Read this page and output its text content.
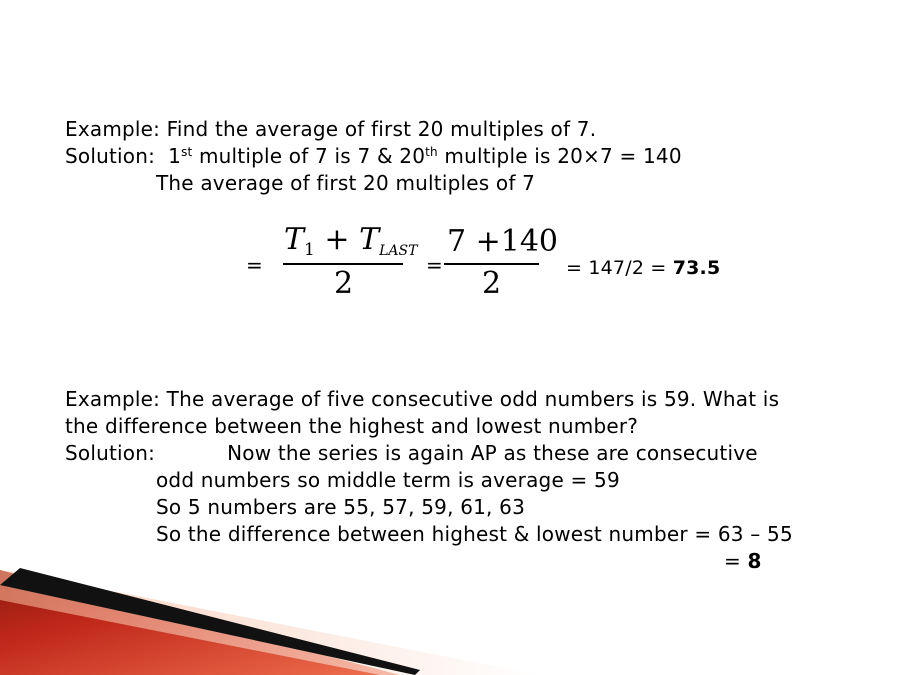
Example: Find the average of first 20 multiples of 7.
Solution:  1st multiple of 7 is 7 & 20th multiple is 20×7 = 140
The average of first 20 multiples of 7
=
$T_1 + T_{LAST}$
2
=
7 +140
2	= 147/2 = 73.5
Example: The average of five consecutive odd numbers is 59. What is
the difference between the highest and lowest number?
Solution:           Now the series is again AP as these are consecutive
odd numbers so middle term is average = 59
So 5 numbers are 55, 57, 59, 61, 63
So the difference between highest & lowest number = 63 – 55
= 8
